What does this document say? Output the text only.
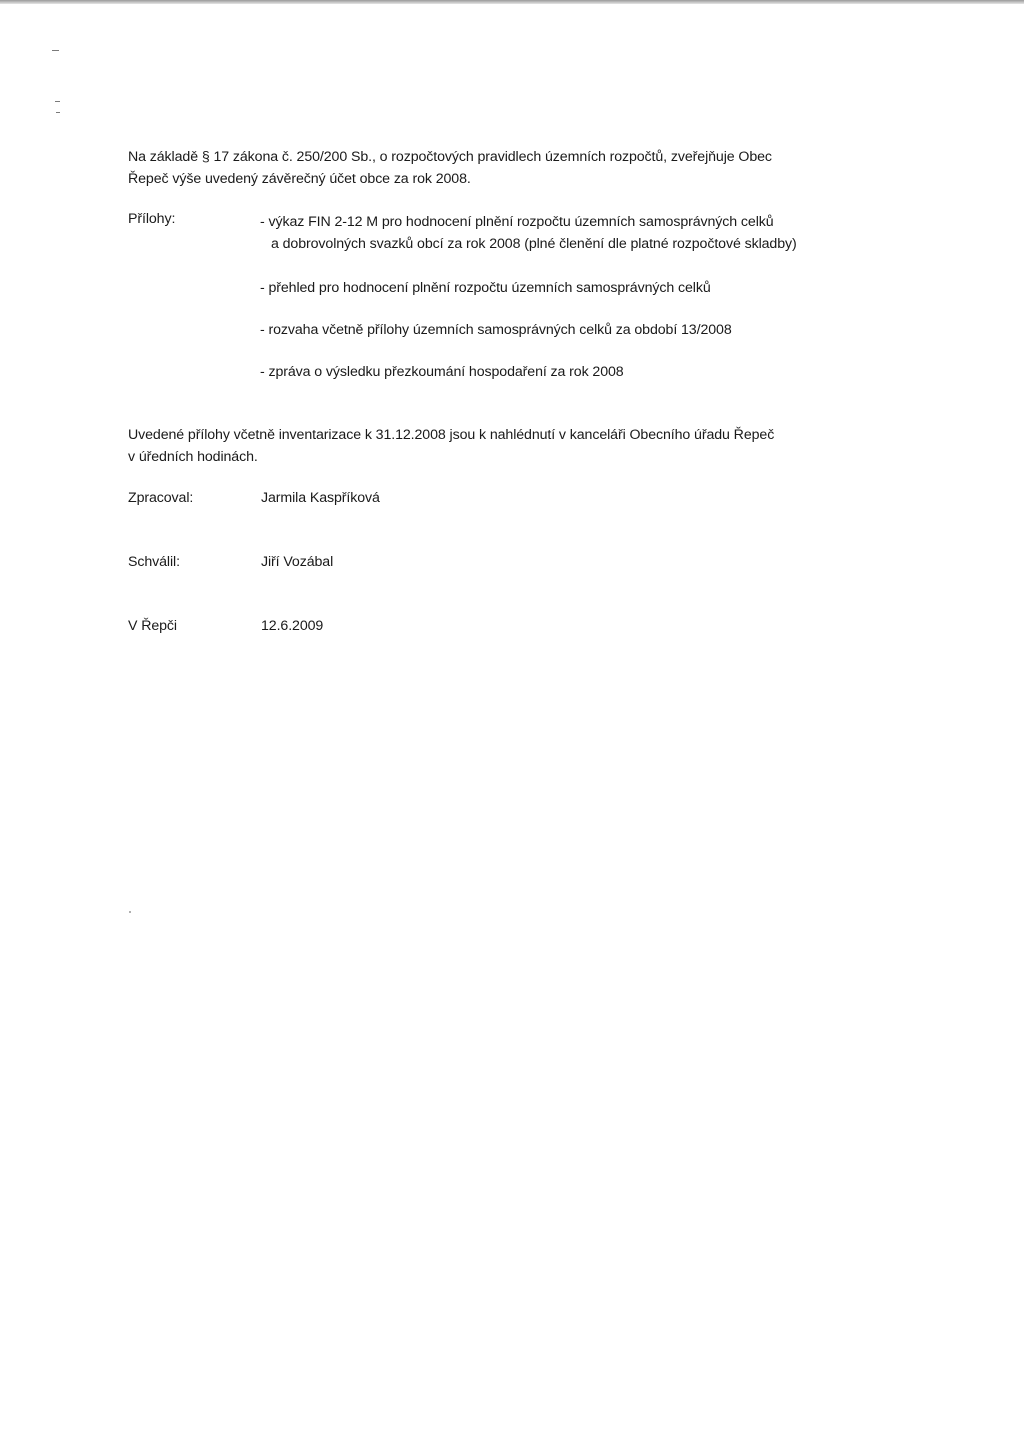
Na základě § 17 zákona č. 250/200 Sb., o rozpočtových pravidlech územních rozpočtů, zveřejňuje Obec
Řepeč výše uvedený závěrečný účet obce za rok 2008.

Přílohy:	- výkaz FIN 2-12 M pro hodnocení plnění rozpočtu územních samosprávných celků
a dobrovolných svazků obcí za rok 2008 (plné členění dle platné rozpočtové skladby)
- přehled pro hodnocení plnění rozpočtu územních samosprávných celků
- rozvaha včetně přílohy územních samosprávných celků za období 13/2008
- zpráva o výsledku přezkoumání hospodaření za rok 2008

Uvedené přílohy včetně inventarizace k 31.12.2008 jsou k nahlédnutí v kanceláři Obecního úřadu Řepeč
v úředních hodinách.

Zpracoval:	Jarmila Kaspříková
Schválil:	Jiří Vozábal
V Řepči	12.6.2009
